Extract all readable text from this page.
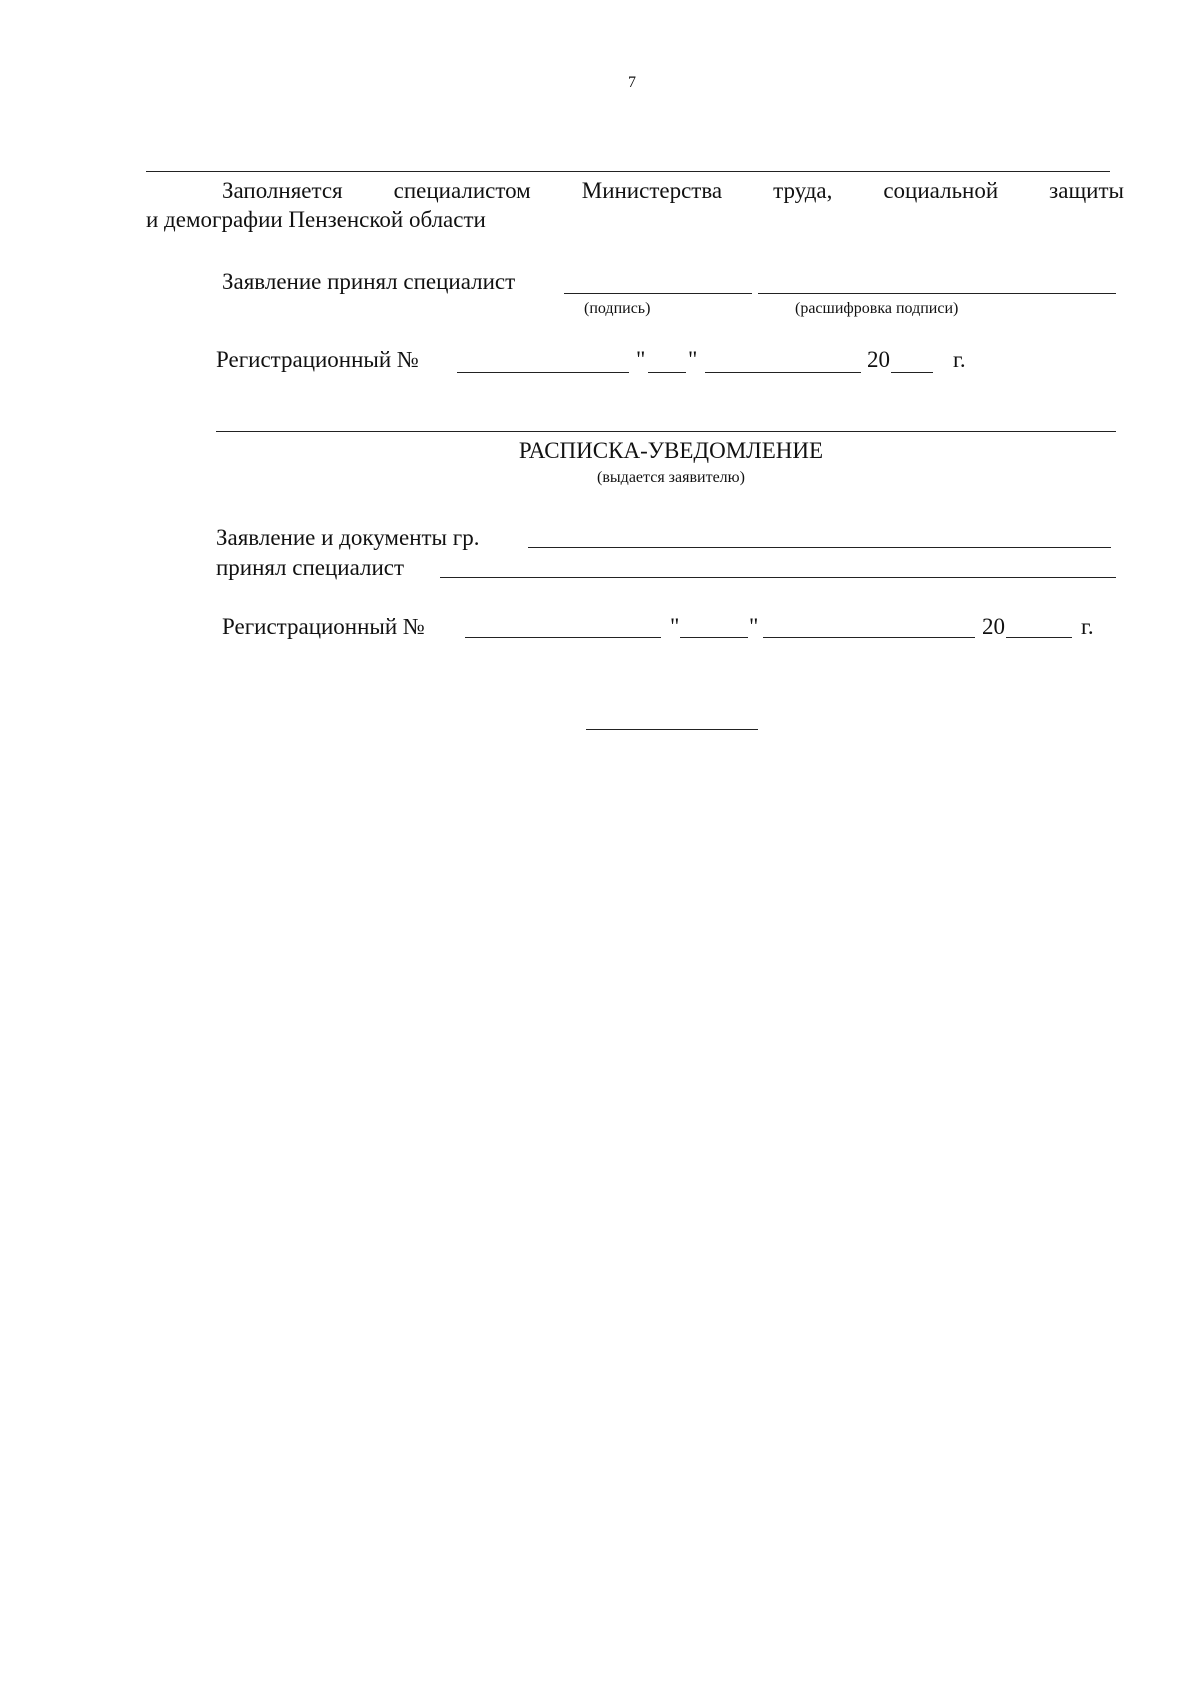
7
Заполняется специалистом Министерства труда, социальной защиты
и демографии Пензенской области
Заявление принял специалист
(подпись)	(расшифровка подписи)
Регистрационный №	" "	20	г.
РАСПИСКА-УВЕДОМЛЕНИЕ
(выдается заявителю)
Заявление и документы гр.
принял специалист
Регистрационный №	"	"	20	г.
